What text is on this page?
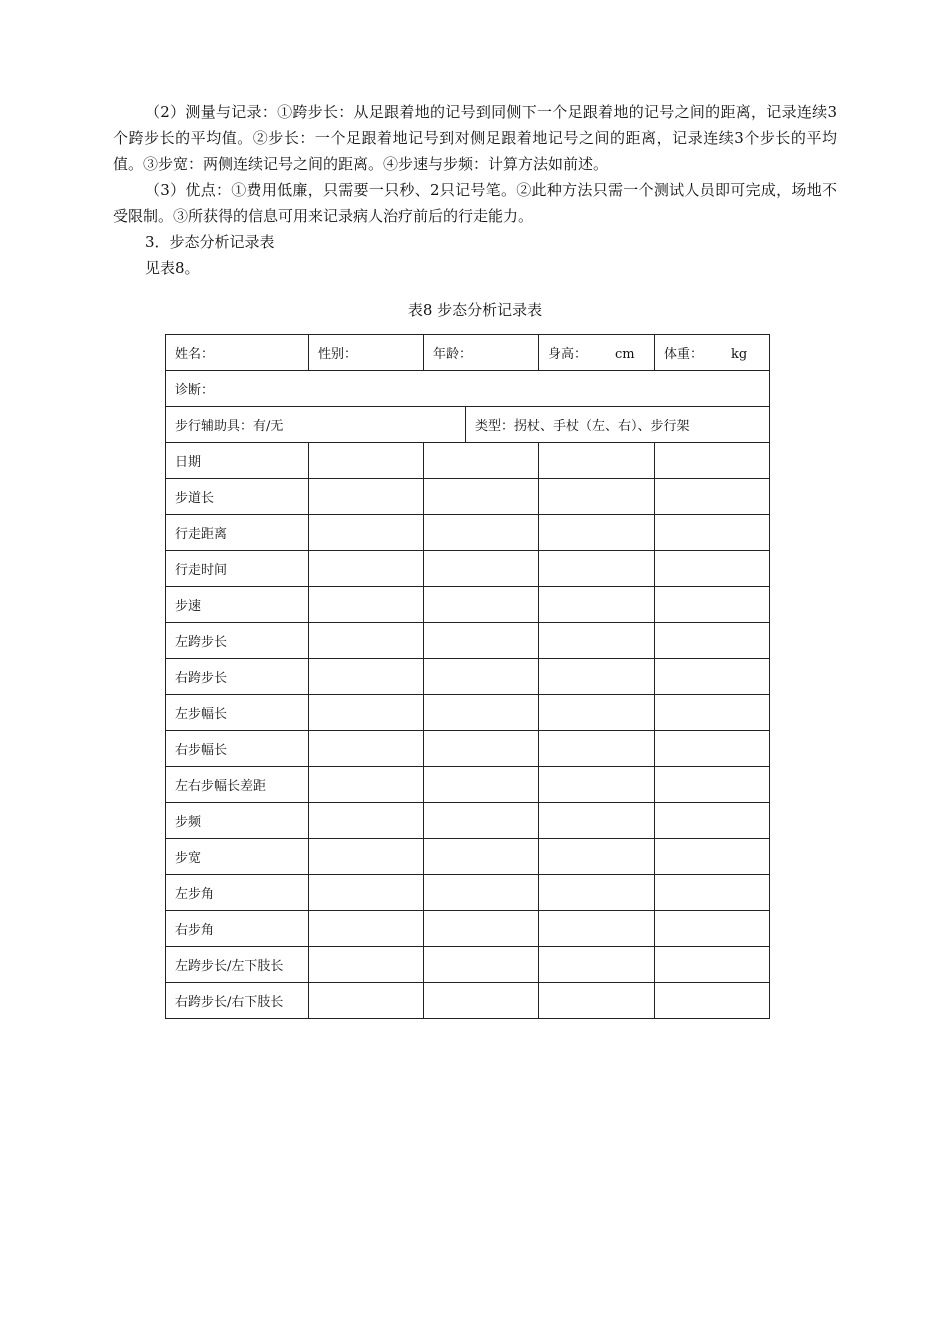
（2）测量与记录：①跨步长：从足跟着地的记号到同侧下一个足跟着地的记号之间的距离，记录连续3个跨步长的平均值。②步长：一个足跟着地记号到对侧足跟着地记号之间的距离，记录连续3个步长的平均值。③步宽：两侧连续记号之间的距离。④步速与步频：计算方法如前述。

（3）优点：①费用低廉，只需要一只秒、2只记号笔。②此种方法只需一个测试人员即可完成，场地不受限制。③所获得的信息可用来记录病人治疗前后的行走能力。

3．步态分析记录表

见表8。

表8 步态分析记录表
姓名：	性别：	年龄：		身高： cm	体重： kg
诊断：					
步行辅助具：有/无			类型：拐杖、手杖（左、右）、步行架		
日期					
步道长					
行走距离					
行走时间					
步速					
左跨步长					
右跨步长					
左步幅长					
右步幅长					
左右步幅长差距					
步频					
步宽					
左步角					
右步角					
左跨步长/左下肢长					
右跨步长/右下肢长					
